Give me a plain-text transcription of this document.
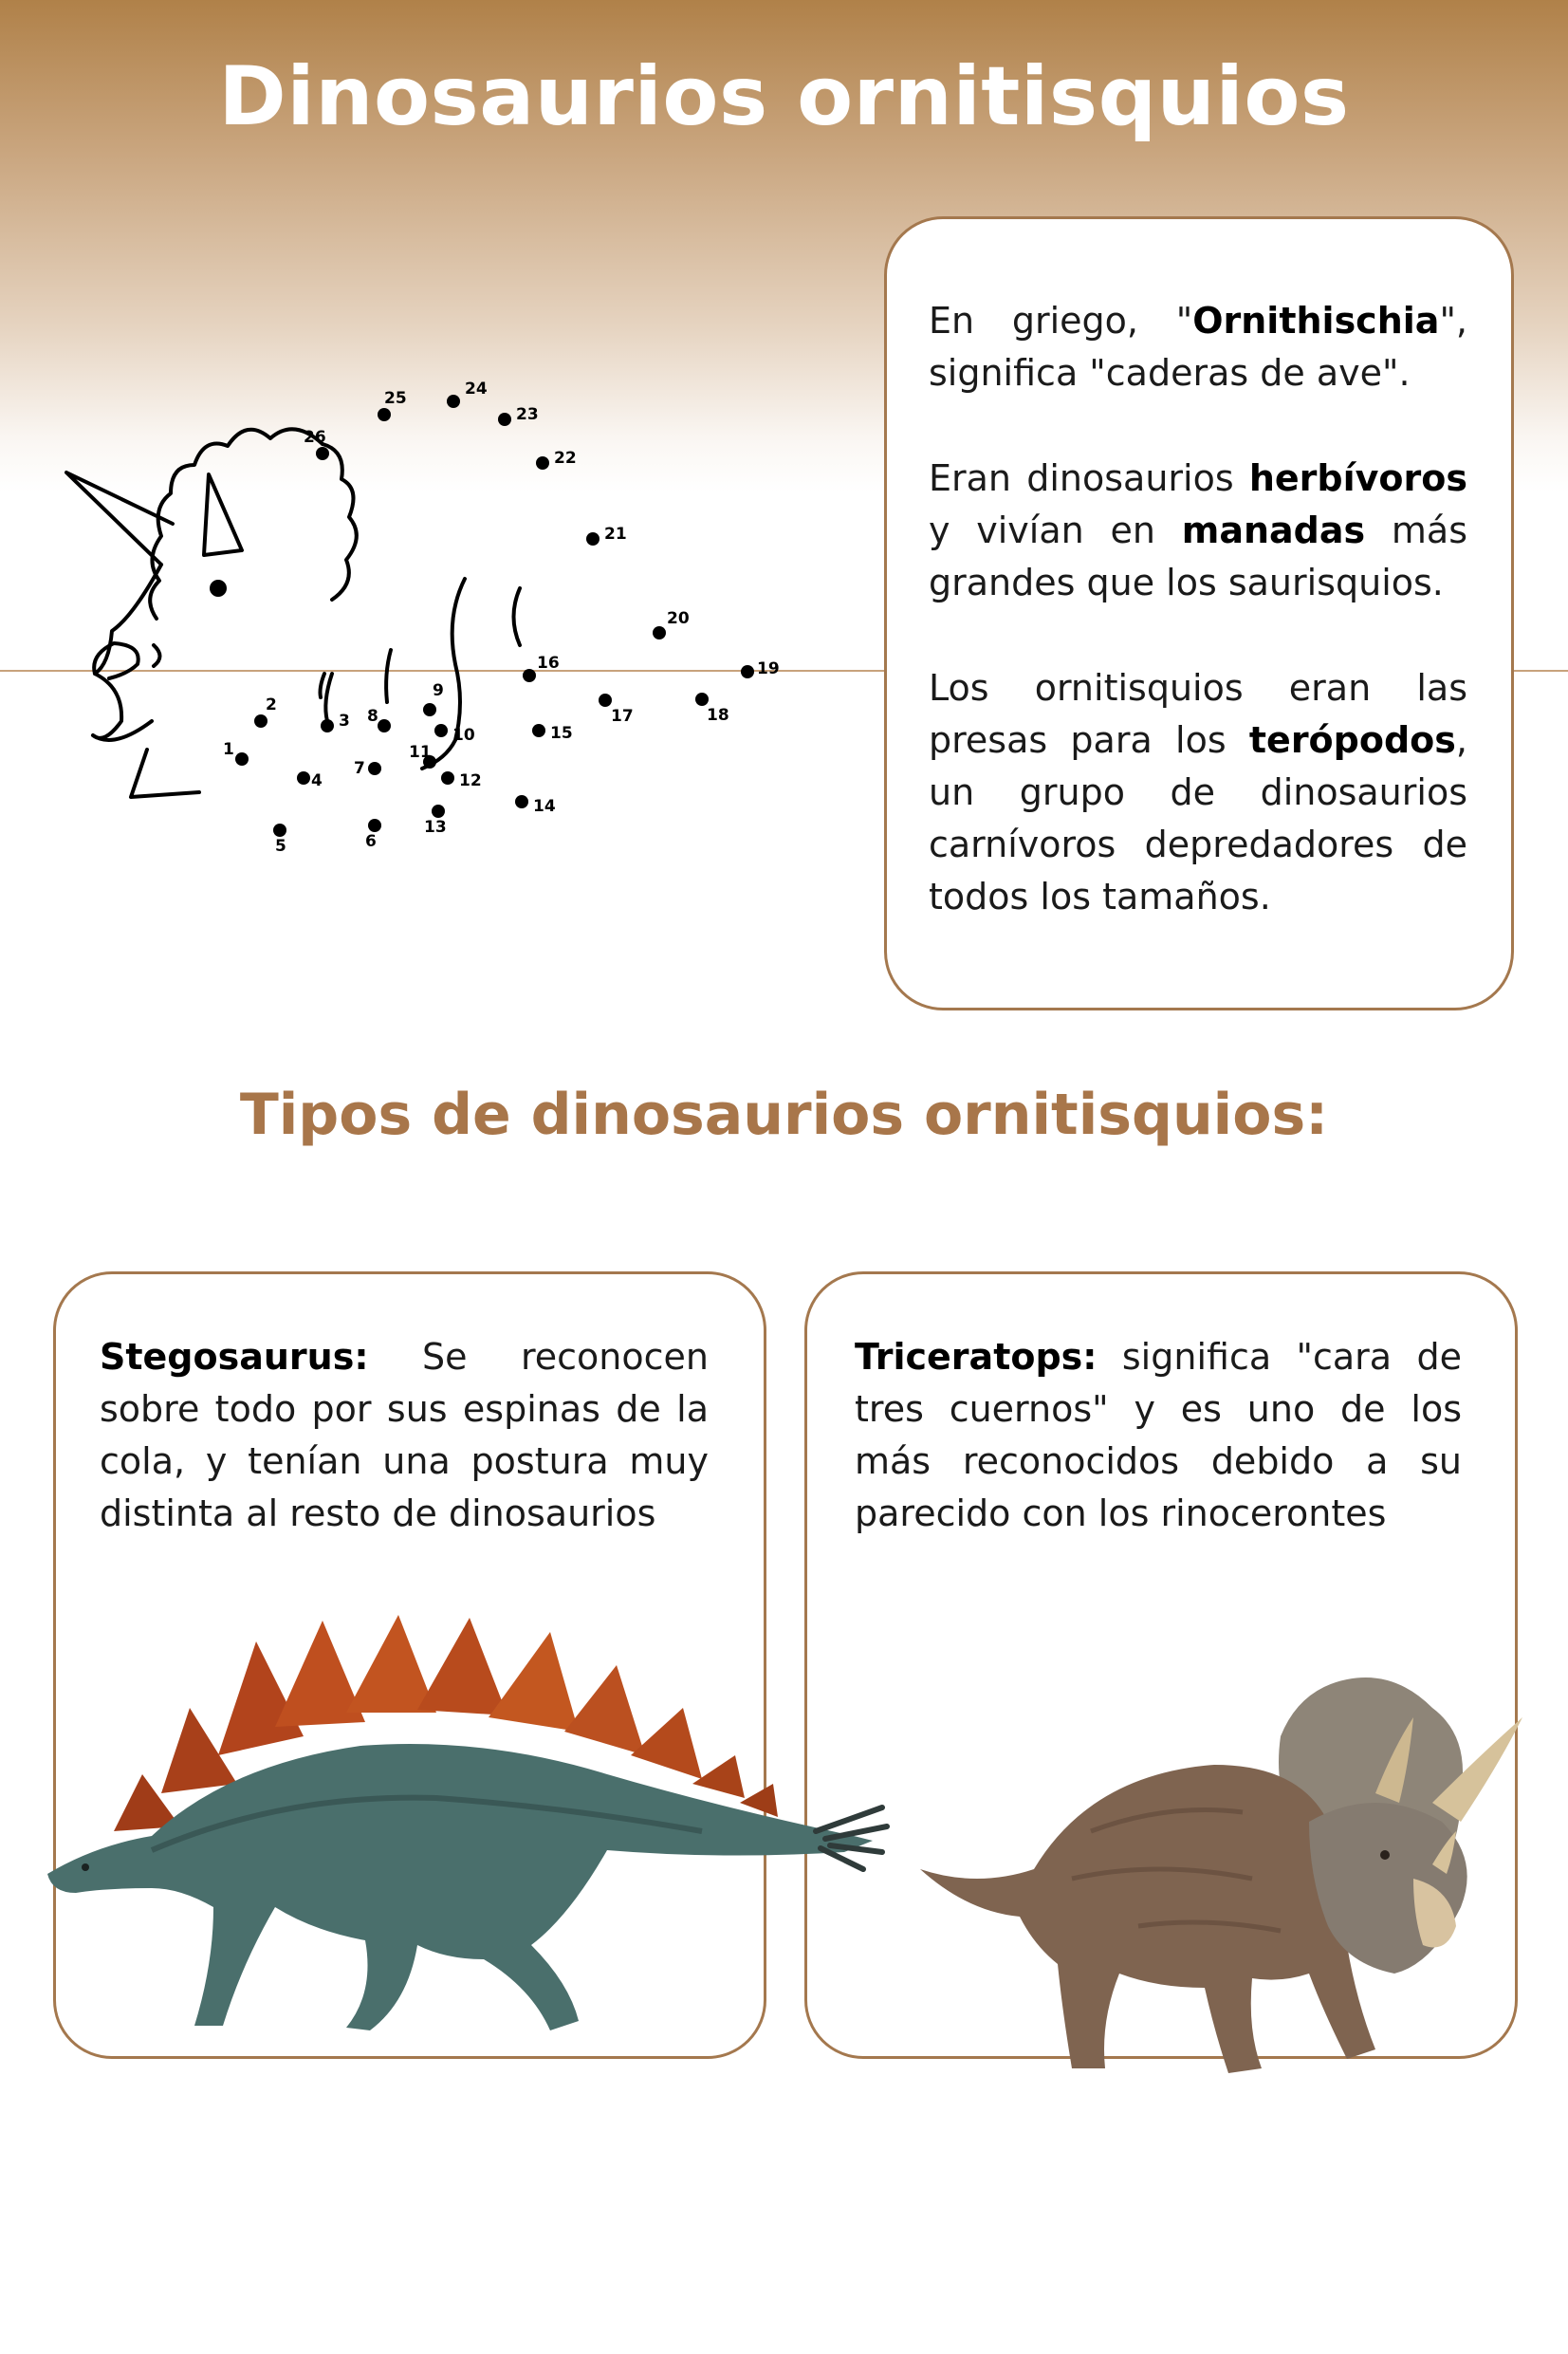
Dinosaurios ornitisquios
1
2
3
4
5	6
7
8
9
10
11
12
13
14
15
16
17	18
19
20
21
22
23
24
25
26

En griego, "Ornithischia", significa "caderas de ave".

Eran dinosaurios herbívoros y vivían en manadas más grandes que los saurisquios.

Los ornitisquios eran las presas para los terópodos, un grupo de dinosaurios carnívoros depredadores de todos los tamaños.

Tipos de dinosaurios ornitisquios:

Stegosaurus: Se reconocen sobre todo por sus espinas de la cola, y tenían una postura muy distinta al resto de dinosaurios

Triceratops: significa "cara de tres cuernos" y es uno de los más reconocidos debido a su parecido con los rinocerontes
